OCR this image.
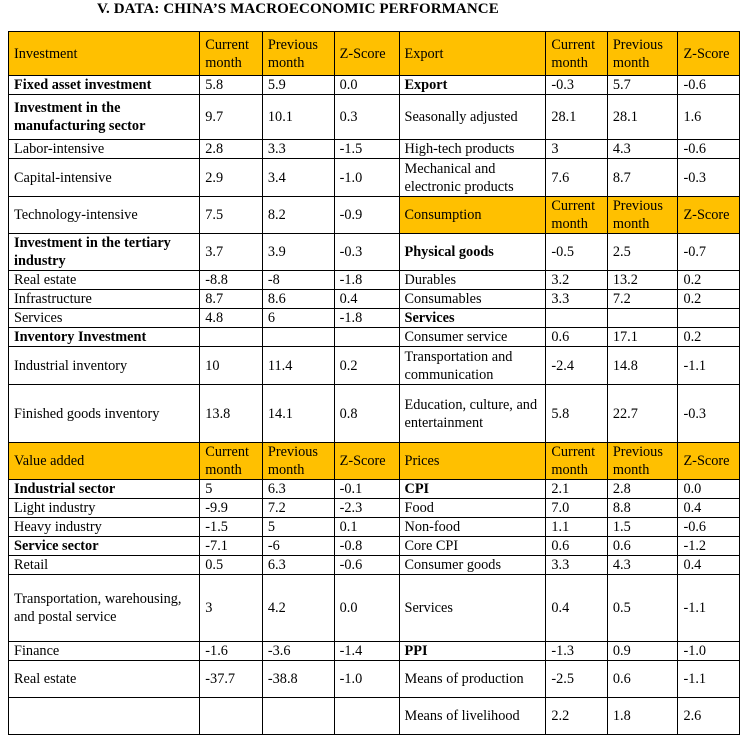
V. DATA: CHINA’S MACROECONOMIC PERFORMANCE
Investment	Current month	Previous month	Z-Score	Export	Current month	Previous month	Z-Score
Fixed asset investment	5.8	5.9	0.0	Export	-0.3	5.7	-0.6
Investment in the manufacturing sector	9.7	10.1	0.3	Seasonally adjusted	28.1	28.1	1.6
Labor-intensive	2.8	3.3	-1.5	High-tech products	3	4.3	-0.6
Capital-intensive	2.9	3.4	-1.0	Mechanical and electronic products	7.6	8.7	-0.3
Technology-intensive	7.5	8.2	-0.9	Consumption	Current month	Previous month	Z-Score
Investment in the tertiary industry	3.7	3.9	-0.3	Physical goods	-0.5	2.5	-0.7
Real estate	-8.8	-8	-1.8	Durables	3.2	13.2	0.2
Infrastructure	8.7	8.6	0.4	Consumables	3.3	7.2	0.2
Services	4.8	6	-1.8	Services			
Inventory Investment				Consumer service	0.6	17.1	0.2
Industrial inventory	10	11.4	0.2	Transportation and communication	-2.4	14.8	-1.1
Finished goods inventory	13.8	14.1	0.8	Education, culture, and entertainment	5.8	22.7	-0.3
Value added	Current month	Previous month	Z-Score	Prices	Current month	Previous month	Z-Score
Industrial sector	5	6.3	-0.1	CPI	2.1	2.8	0.0
Light industry	-9.9	7.2	-2.3	Food	7.0	8.8	0.4
Heavy industry	-1.5	5	0.1	Non-food	1.1	1.5	-0.6
Service sector	-7.1	-6	-0.8	Core CPI	0.6	0.6	-1.2
Retail	0.5	6.3	-0.6	Consumer goods	3.3	4.3	0.4
Transportation, warehousing, and postal service	3	4.2	0.0	Services	0.4	0.5	-1.1
Finance	-1.6	-3.6	-1.4	PPI	-1.3	0.9	-1.0
Real estate	-37.7	-38.8	-1.0	Means of production	-2.5	0.6	-1.1
				Means of livelihood	2.2	1.8	2.6
